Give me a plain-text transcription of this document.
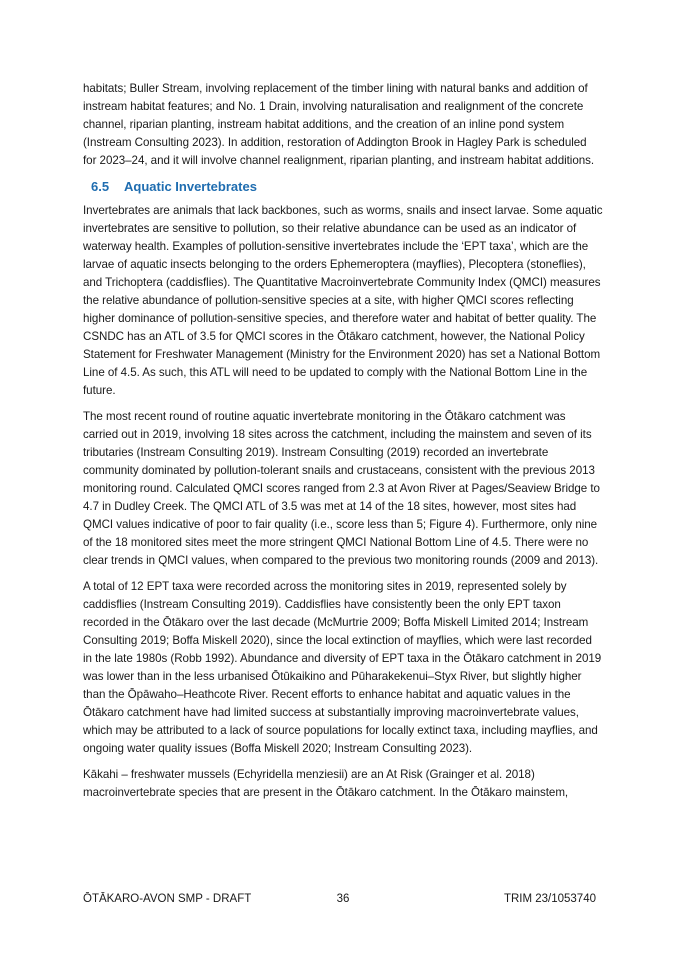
habitats; Buller Stream, involving replacement of the timber lining with natural banks and addition of instream habitat features; and No. 1 Drain, involving naturalisation and realignment of the concrete channel, riparian planting, instream habitat additions, and the creation of an inline pond system (Instream Consulting 2023). In addition, restoration of Addington Brook in Hagley Park is scheduled for 2023–24, and it will involve channel realignment, riparian planting, and instream habitat additions.

6.5 Aquatic Invertebrates

Invertebrates are animals that lack backbones, such as worms, snails and insect larvae. Some aquatic invertebrates are sensitive to pollution, so their relative abundance can be used as an indicator of waterway health. Examples of pollution-sensitive invertebrates include the ‘EPT taxa’, which are the larvae of aquatic insects belonging to the orders Ephemeroptera (mayflies), Plecoptera (stoneflies), and Trichoptera (caddisflies). The Quantitative Macroinvertebrate Community Index (QMCI) measures the relative abundance of pollution-sensitive species at a site, with higher QMCI scores reflecting higher dominance of pollution-sensitive species, and therefore water and habitat of better quality. The CSNDC has an ATL of 3.5 for QMCI scores in the Ōtākaro catchment, however, the National Policy Statement for Freshwater Management (Ministry for the Environment 2020) has set a National Bottom Line of 4.5. As such, this ATL will need to be updated to comply with the National Bottom Line in the future.

The most recent round of routine aquatic invertebrate monitoring in the Ōtākaro catchment was carried out in 2019, involving 18 sites across the catchment, including the mainstem and seven of its tributaries (Instream Consulting 2019). Instream Consulting (2019) recorded an invertebrate community dominated by pollution-tolerant snails and crustaceans, consistent with the previous 2013 monitoring round. Calculated QMCI scores ranged from 2.3 at Avon River at Pages/Seaview Bridge to 4.7 in Dudley Creek. The QMCI ATL of 3.5 was met at 14 of the 18 sites, however, most sites had QMCI values indicative of poor to fair quality (i.e., score less than 5; Figure 4). Furthermore, only nine of the 18 monitored sites meet the more stringent QMCI National Bottom Line of 4.5. There were no clear trends in QMCI values, when compared to the previous two monitoring rounds (2009 and 2013).

A total of 12 EPT taxa were recorded across the monitoring sites in 2019, represented solely by caddisflies (Instream Consulting 2019). Caddisflies have consistently been the only EPT taxon recorded in the Ōtākaro over the last decade (McMurtrie 2009; Boffa Miskell Limited 2014; Instream Consulting 2019; Boffa Miskell 2020), since the local extinction of mayflies, which were last recorded in the late 1980s (Robb 1992). Abundance and diversity of EPT taxa in the Ōtākaro catchment in 2019 was lower than in the less urbanised Ōtūkaikino and Pūharakekenui–Styx River, but slightly higher than the Ōpāwaho–Heathcote River. Recent efforts to enhance habitat and aquatic values in the Ōtākaro catchment have had limited success at substantially improving macroinvertebrate values, which may be attributed to a lack of source populations for locally extinct taxa, including mayflies, and ongoing water quality issues (Boffa Miskell 2020; Instream Consulting 2023).

Kākahi – freshwater mussels (Echyridella menziesii) are an At Risk (Grainger et al. 2018) macroinvertebrate species that are present in the Ōtākaro catchment. In the Ōtākaro mainstem,

ŌTĀKARO-AVON SMP - DRAFT	36	TRIM 23/1053740
